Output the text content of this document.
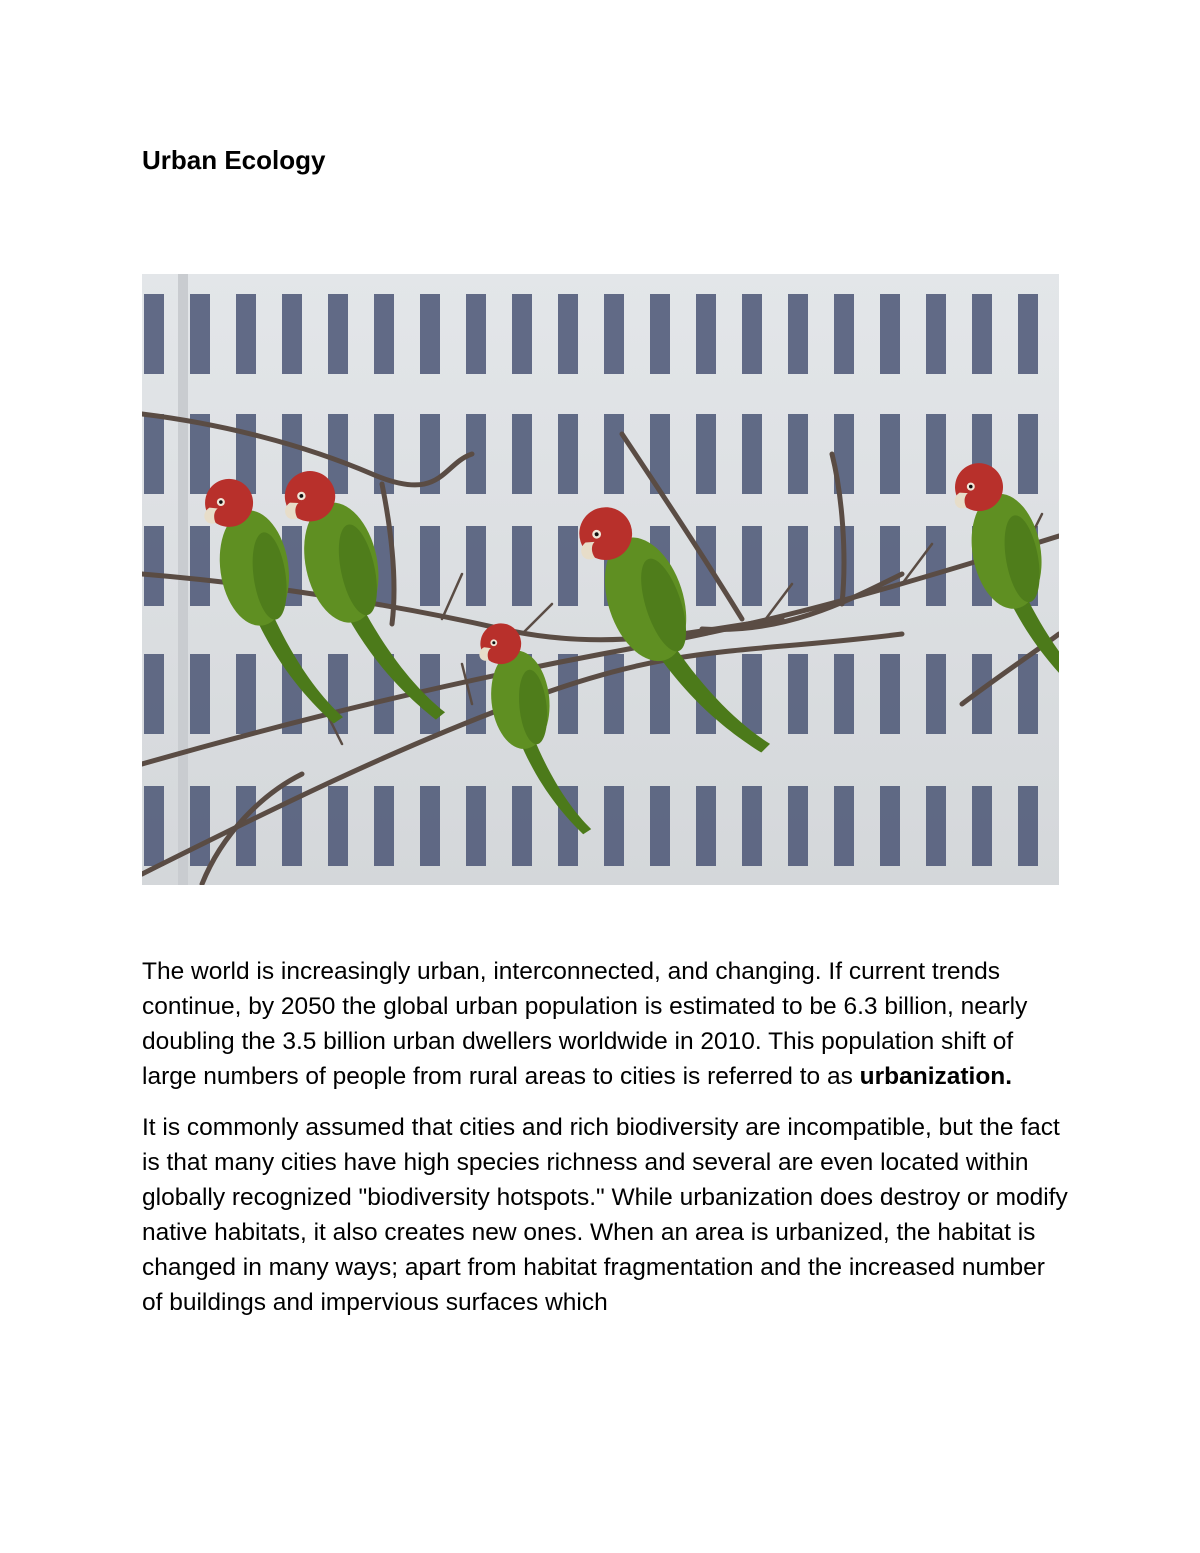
Urban Ecology

The world is increasingly urban, interconnected, and changing. If current trends continue, by 2050 the global urban population is estimated to be 6.3 billion, nearly doubling the 3.5 billion urban dwellers worldwide in 2010. This population shift of large numbers of people from rural areas to cities is referred to as urbanization.

It is commonly assumed that cities and rich biodiversity are incompatible, but the fact is that many cities have high species richness and several are even located within globally recognized "biodiversity hotspots." While urbanization does destroy or modify native habitats, it also creates new ones. When an area is urbanized, the habitat is changed in many ways; apart from habitat fragmentation and the increased number of buildings and impervious surfaces which
